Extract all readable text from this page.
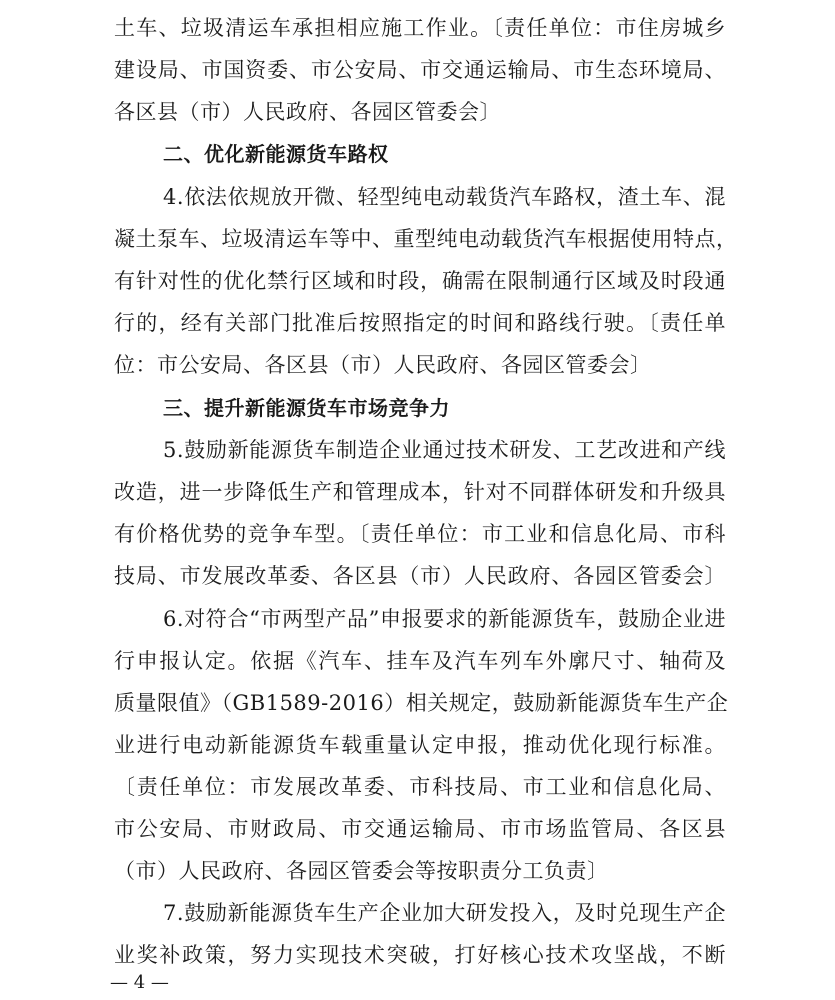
土车、垃圾清运车承担相应施工作业。〔责任单位：市住房城乡
建设局、市国资委、市公安局、市交通运输局、市生态环境局、
各区县（市）人民政府、各园区管委会〕
二、优化新能源货车路权
4.依法依规放开微、轻型纯电动载货汽车路权，渣土车、混
凝土泵车、垃圾清运车等中、重型纯电动载货汽车根据使用特点，
有针对性的优化禁行区域和时段，确需在限制通行区域及时段通
行的，经有关部门批准后按照指定的时间和路线行驶。〔责任单
位：市公安局、各区县（市）人民政府、各园区管委会〕
三、提升新能源货车市场竞争力
5.鼓励新能源货车制造企业通过技术研发、工艺改进和产线
改造，进一步降低生产和管理成本，针对不同群体研发和升级具
有价格优势的竞争车型。〔责任单位：市工业和信息化局、市科
技局、市发展改革委、各区县（市）人民政府、各园区管委会〕
6.对符合“市两型产品”申报要求的新能源货车，鼓励企业进
行申报认定。依据《汽车、挂车及汽车列车外廓尺寸、轴荷及
质量限值》（GB1589-2016）相关规定，鼓励新能源货车生产企
业进行电动新能源货车载重量认定申报，推动优化现行标准。
〔责任单位：市发展改革委、市科技局、市工业和信息化局、
市公安局、市财政局、市交通运输局、市市场监管局、各区县
（市）人民政府、各园区管委会等按职责分工负责〕
7.鼓励新能源货车生产企业加大研发投入，及时兑现生产企
— 4 —
业奖补政策，努力实现技术突破，打好核心技术攻坚战，不断
